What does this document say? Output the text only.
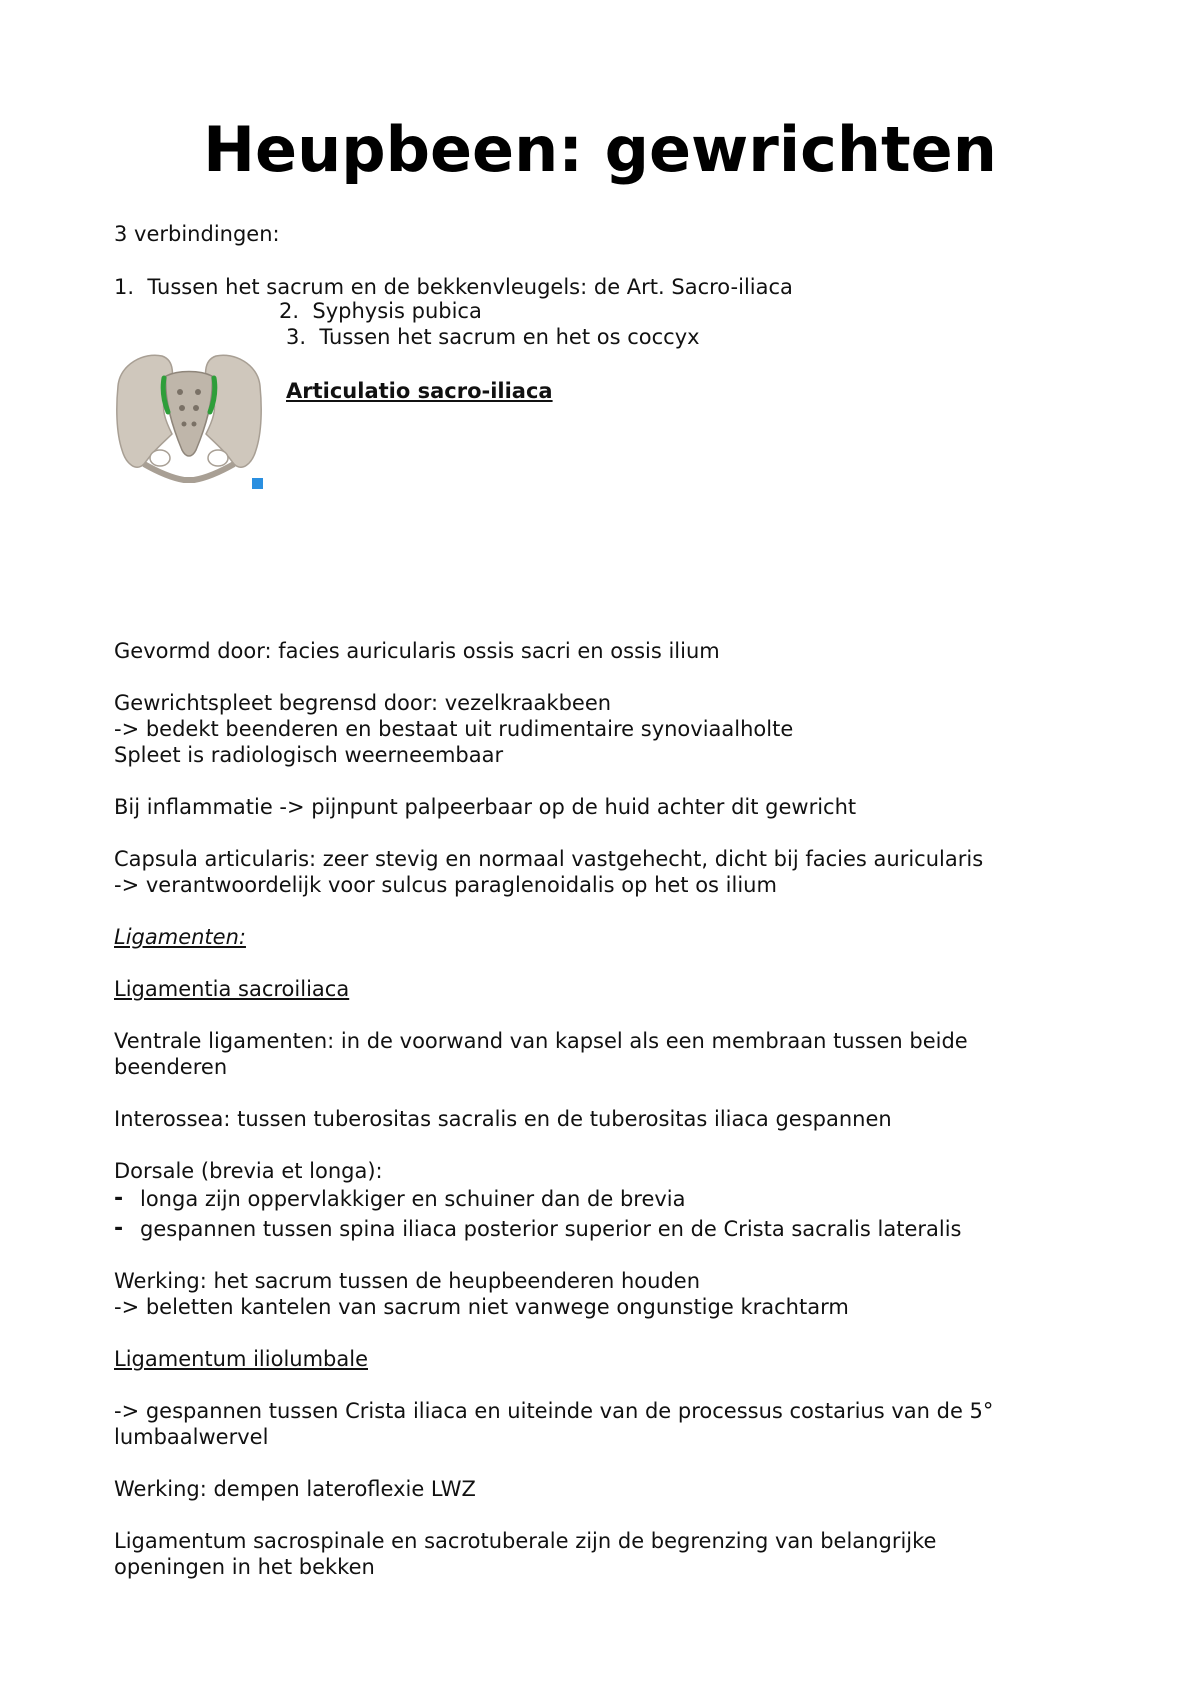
Heupbeen: gewrichten

3 verbindingen:

1. Tussen het sacrum en de bekkenvleugels: de Art. Sacro-iliaca

2. Syphysis pubica

3. Tussen het sacrum en het os coccyx

Articulatio sacro-iliaca

Gevormd door: facies auricularis ossis sacri en ossis ilium

Gewrichtspleet begrensd door: vezelkraakbeen

-> bedekt beenderen en bestaat uit rudimentaire synoviaalholte

Spleet is radiologisch weerneembaar

Bij inflammatie -> pijnpunt palpeerbaar op de huid achter dit gewricht

Capsula articularis: zeer stevig en normaal vastgehecht, dicht bij facies auricularis

-> verantwoordelijk voor sulcus paraglenoidalis op het os ilium

Ligamenten:

Ligamentia sacroiliaca

Ventrale ligamenten: in de voorwand van kapsel als een membraan tussen beide

beenderen

Interossea: tussen tuberositas sacralis en de tuberositas iliaca gespannen

Dorsale (brevia et longa):

- longa zijn oppervlakkiger en schuiner dan de brevia

- gespannen tussen spina iliaca posterior superior en de Crista sacralis lateralis

Werking: het sacrum tussen de heupbeenderen houden

-> beletten kantelen van sacrum niet vanwege ongunstige krachtarm

Ligamentum iliolumbale

-> gespannen tussen Crista iliaca en uiteinde van de processus costarius van de 5°

lumbaalwervel

Werking: dempen lateroflexie LWZ

Ligamentum sacrospinale en sacrotuberale zijn de begrenzing van belangrijke

openingen in het bekken
